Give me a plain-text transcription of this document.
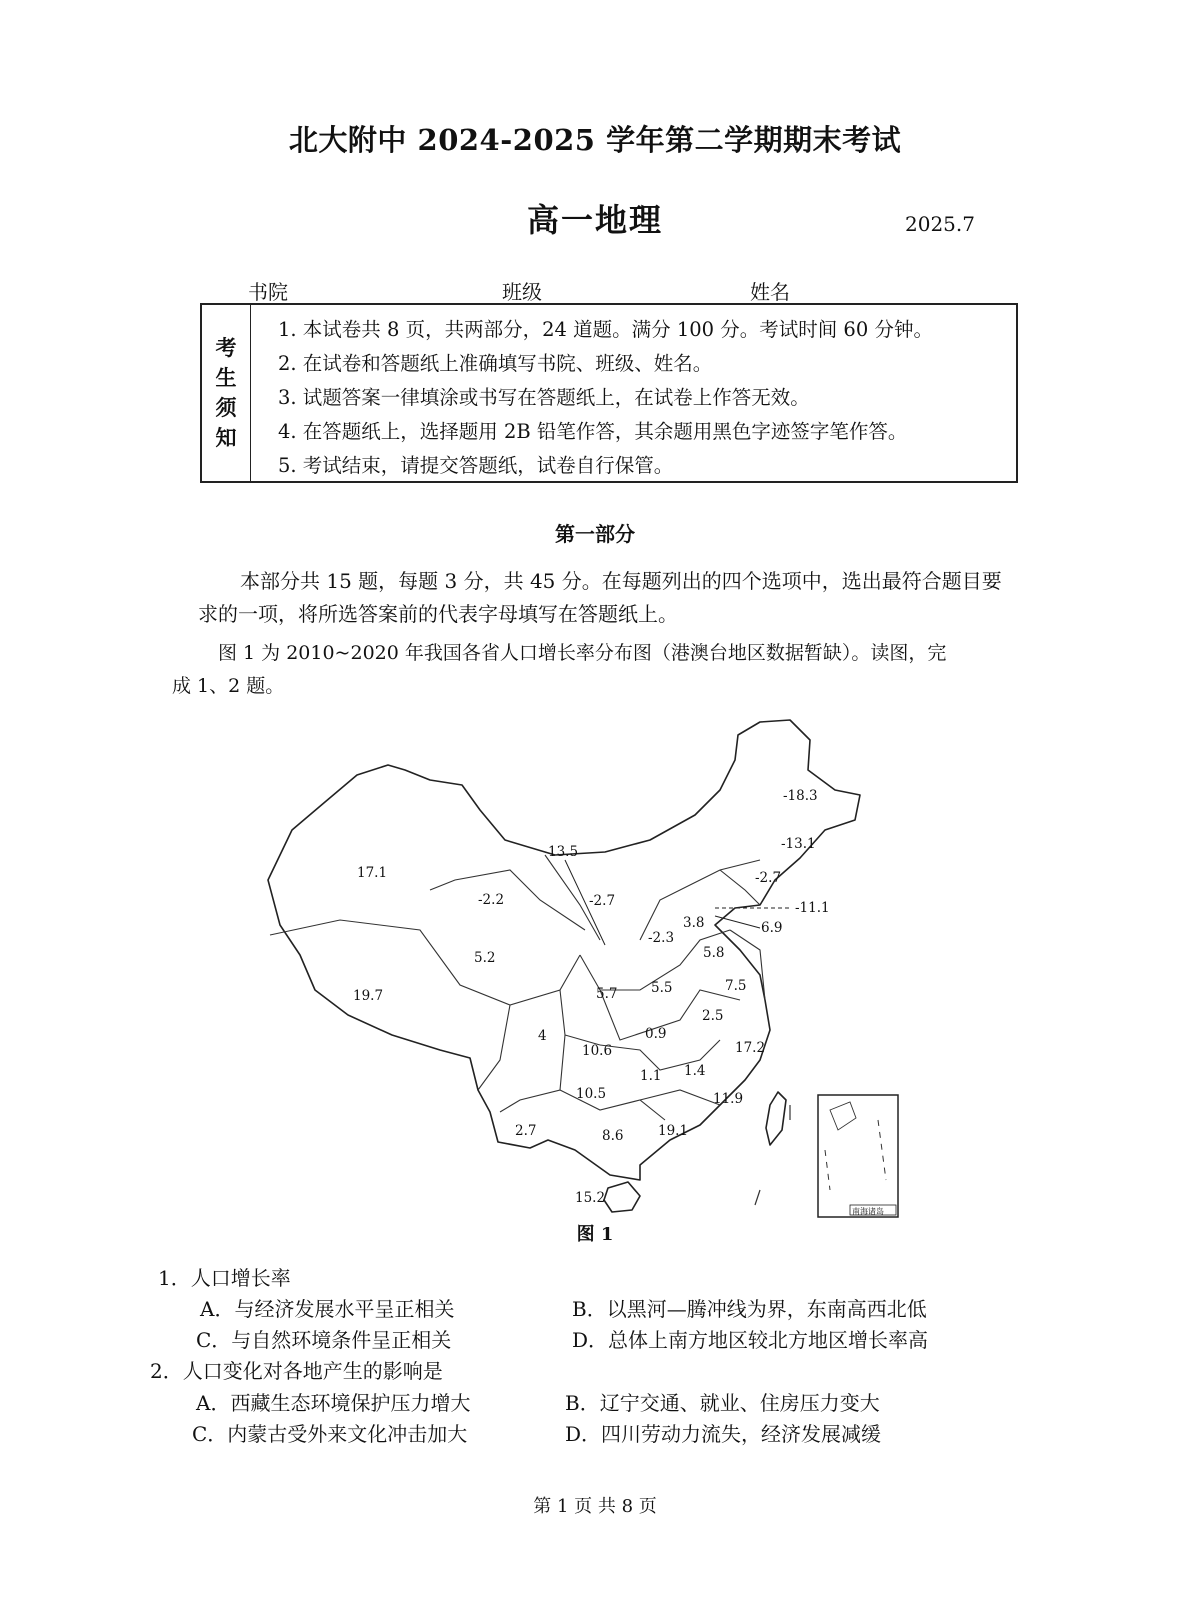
北大附中 2024-2025 学年第二学期期末考试
高一地理	2025.7
书院	班级	姓名
考
生
须
知
1. 本试卷共 8 页，共两部分，24 道题。满分 100 分。考试时间 60 分钟。
2. 在试卷和答题纸上准确填写书院、班级、姓名。
3. 试题答案一律填涂或书写在答题纸上，在试卷上作答无效。
4. 在答题纸上，选择题用 2B 铅笔作答，其余题用黑色字迹签字笔作答。
5. 考试结束，请提交答题纸，试卷自行保管。
第一部分
本部分共 15 题，每题 3 分，共 45 分。在每题列出的四个选项中，选出最符合题目要
求的一项，将所选答案前的代表字母填写在答题纸上。
图 1 为 2010~2020 年我国各省人口增长率分布图（港澳台地区数据暂缺）。读图，完
成 1、2 题。
南海诸岛
17.1
19.7
5.2
-2.2
13.5
-2.7
-18.3
-13.1
-2.7
-11.1
6.9
3.8
-2.3
5.8
5.7 5.5	7.5
2.5
4
10.6
0.9
17.2
1.1 1.4
10.5	11.9
2.7	8.6	19.1
15.2
图 1
1．人口增长率
A．与经济发展水平呈正相关	B．以黑河—腾冲线为界，东南高西北低
C．与自然环境条件呈正相关	D．总体上南方地区较北方地区增长率高
2．人口变化对各地产生的影响是
A．西藏生态环境保护压力增大	B．辽宁交通、就业、住房压力变大
C．内蒙古受外来文化冲击加大	D．四川劳动力流失，经济发展减缓
第 1 页 共 8 页
